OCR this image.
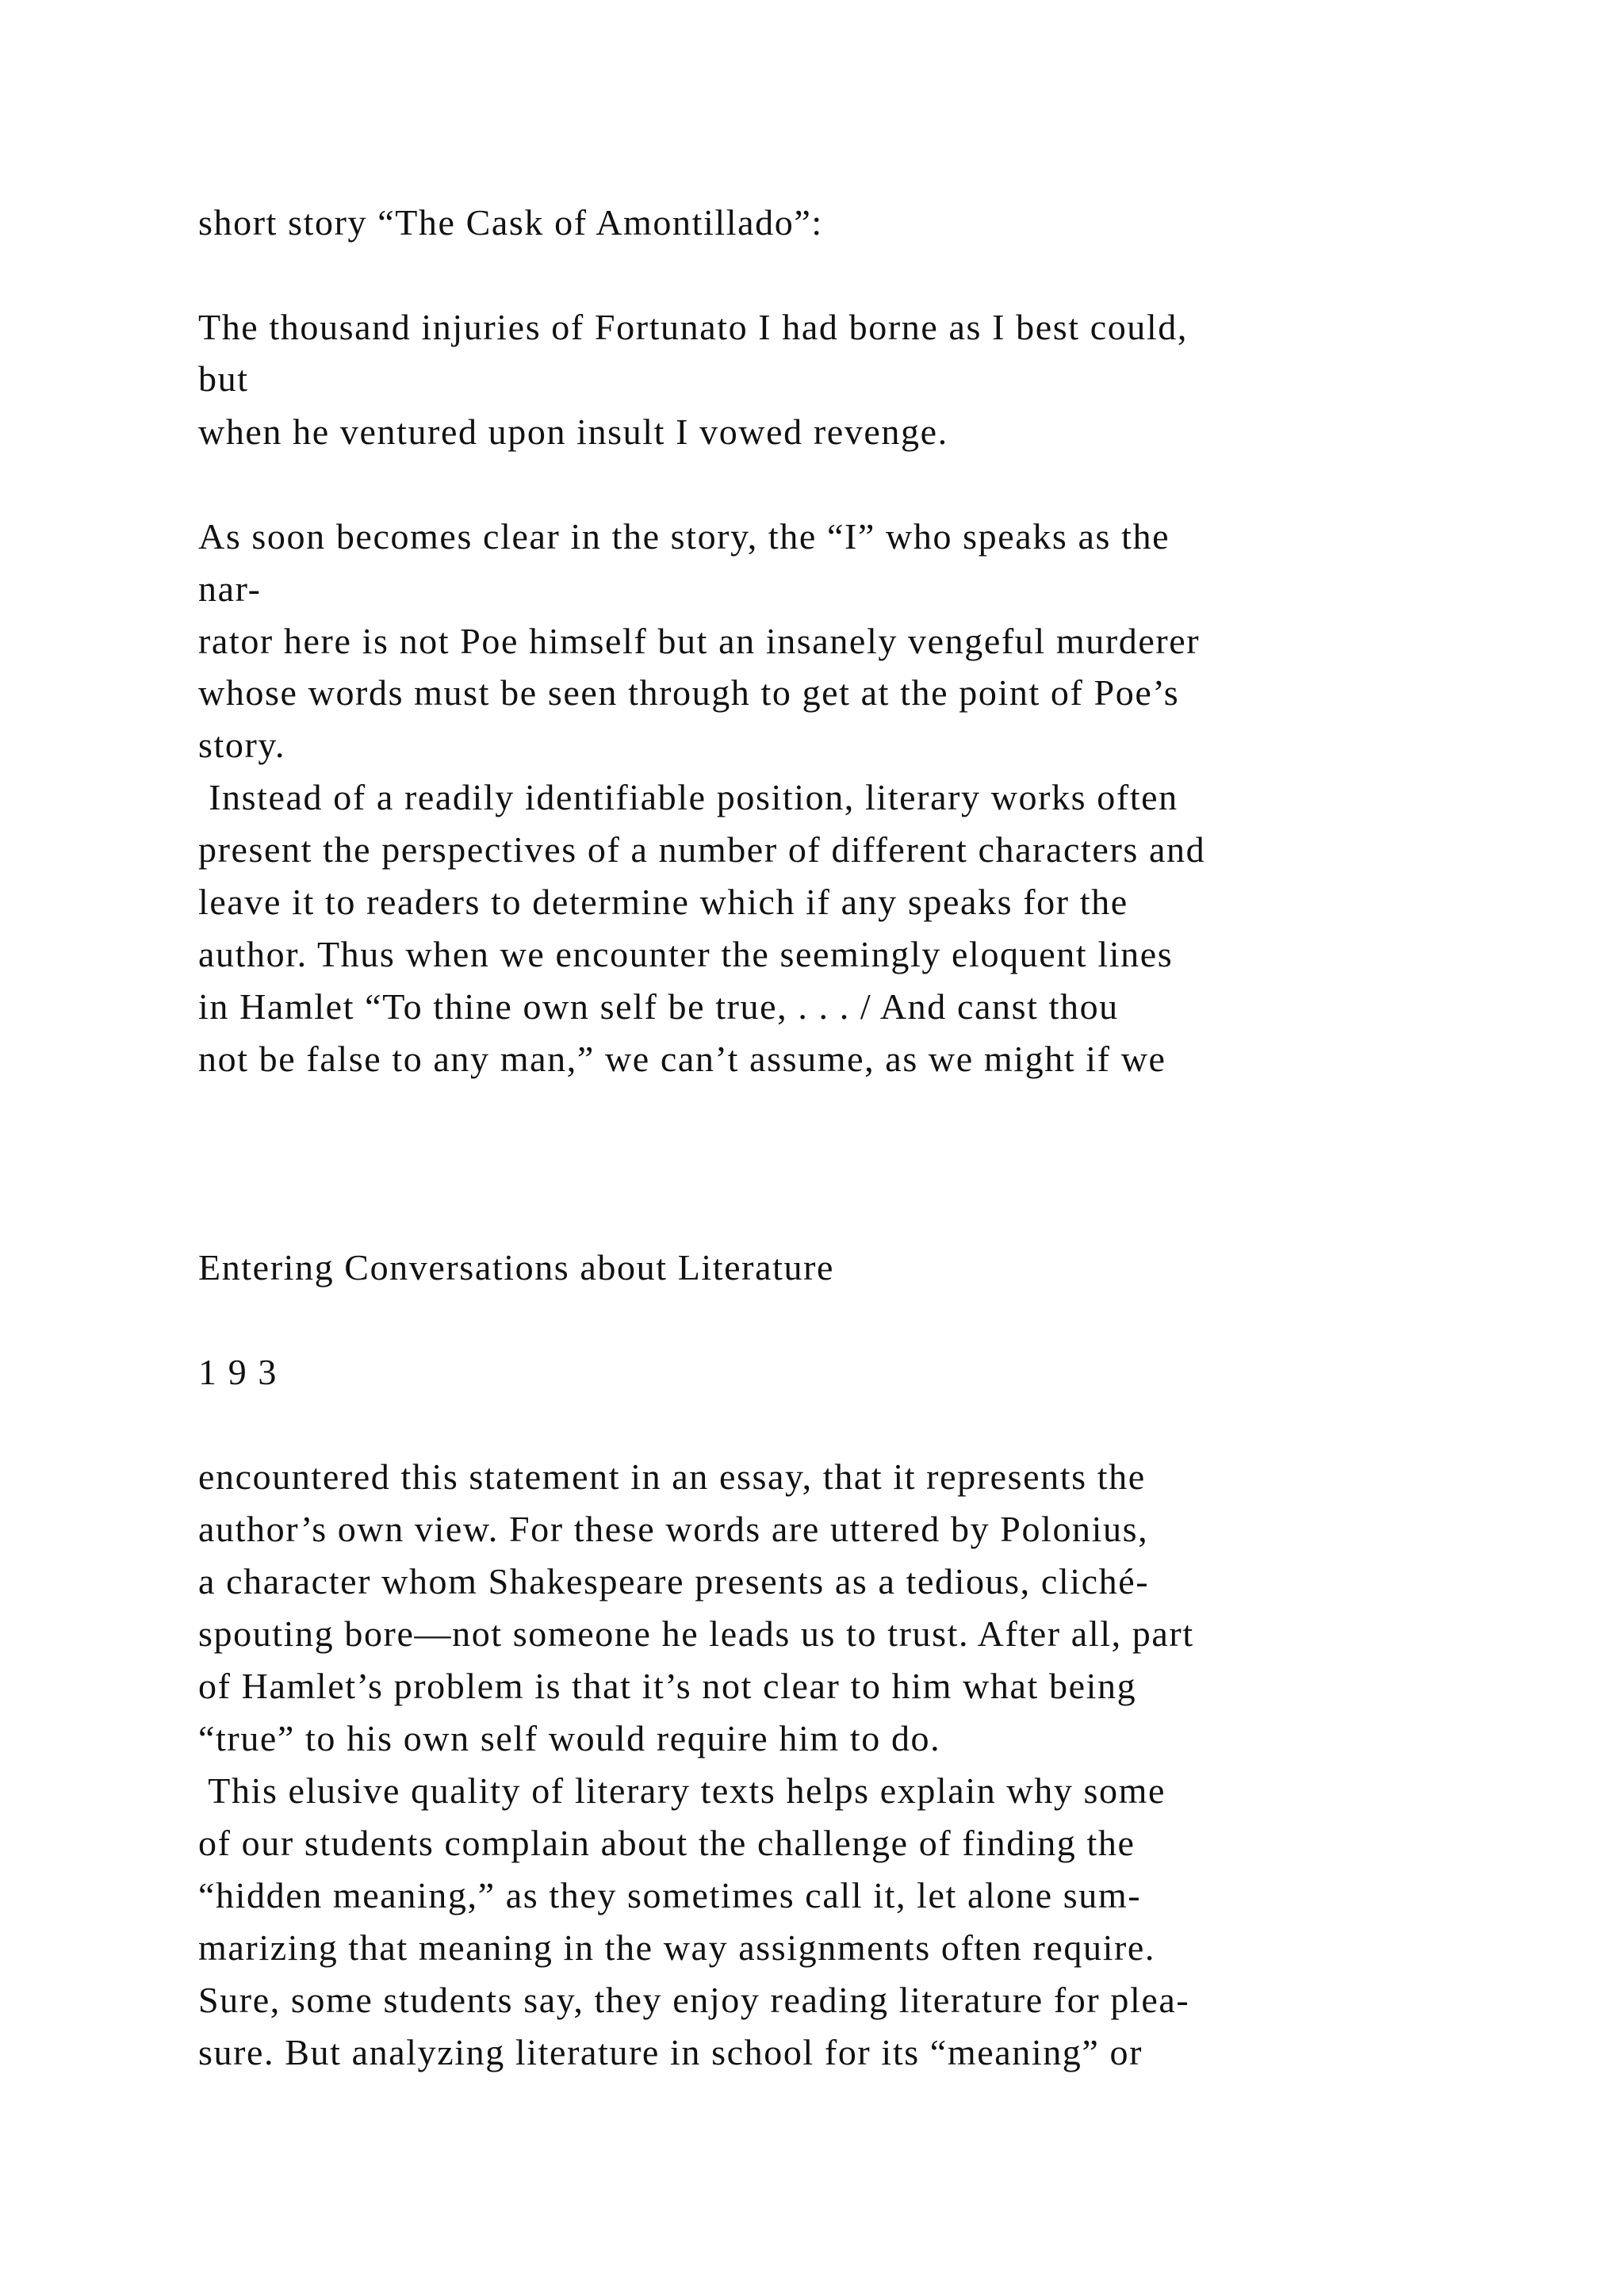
short story “The Cask of Amontillado”:
The thousand injuries of Fortunato I had borne as I best could,
but
when he ventured upon insult I vowed revenge.
As soon becomes clear in the story, the “I” who speaks as the
nar-
rator here is not Poe himself but an insanely vengeful murderer
whose words must be seen through to get at the point of Poe’s
story.
Instead of a readily identifiable position, literary works often
present the perspectives of a number of different characters and
leave it to readers to determine which if any speaks for the
author. Thus when we encounter the seemingly eloquent lines
in Hamlet “To thine own self be true, . . . / And canst thou
not be false to any man,” we can’t assume, as we might if we
Entering Conversations about Literature
1 9 3
encountered this statement in an essay, that it represents the
author’s own view. For these words are uttered by Polonius,
a character whom Shakespeare presents as a tedious, cliché-
spouting bore—not someone he leads us to trust. After all, part
of Hamlet’s problem is that it’s not clear to him what being
“true” to his own self would require him to do.
This elusive quality of literary texts helps explain why some
of our students complain about the challenge of finding the
“hidden meaning,” as they sometimes call it, let alone sum-
marizing that meaning in the way assignments often require.
Sure, some students say, they enjoy reading literature for plea-
sure. But analyzing literature in school for its “meaning” or
